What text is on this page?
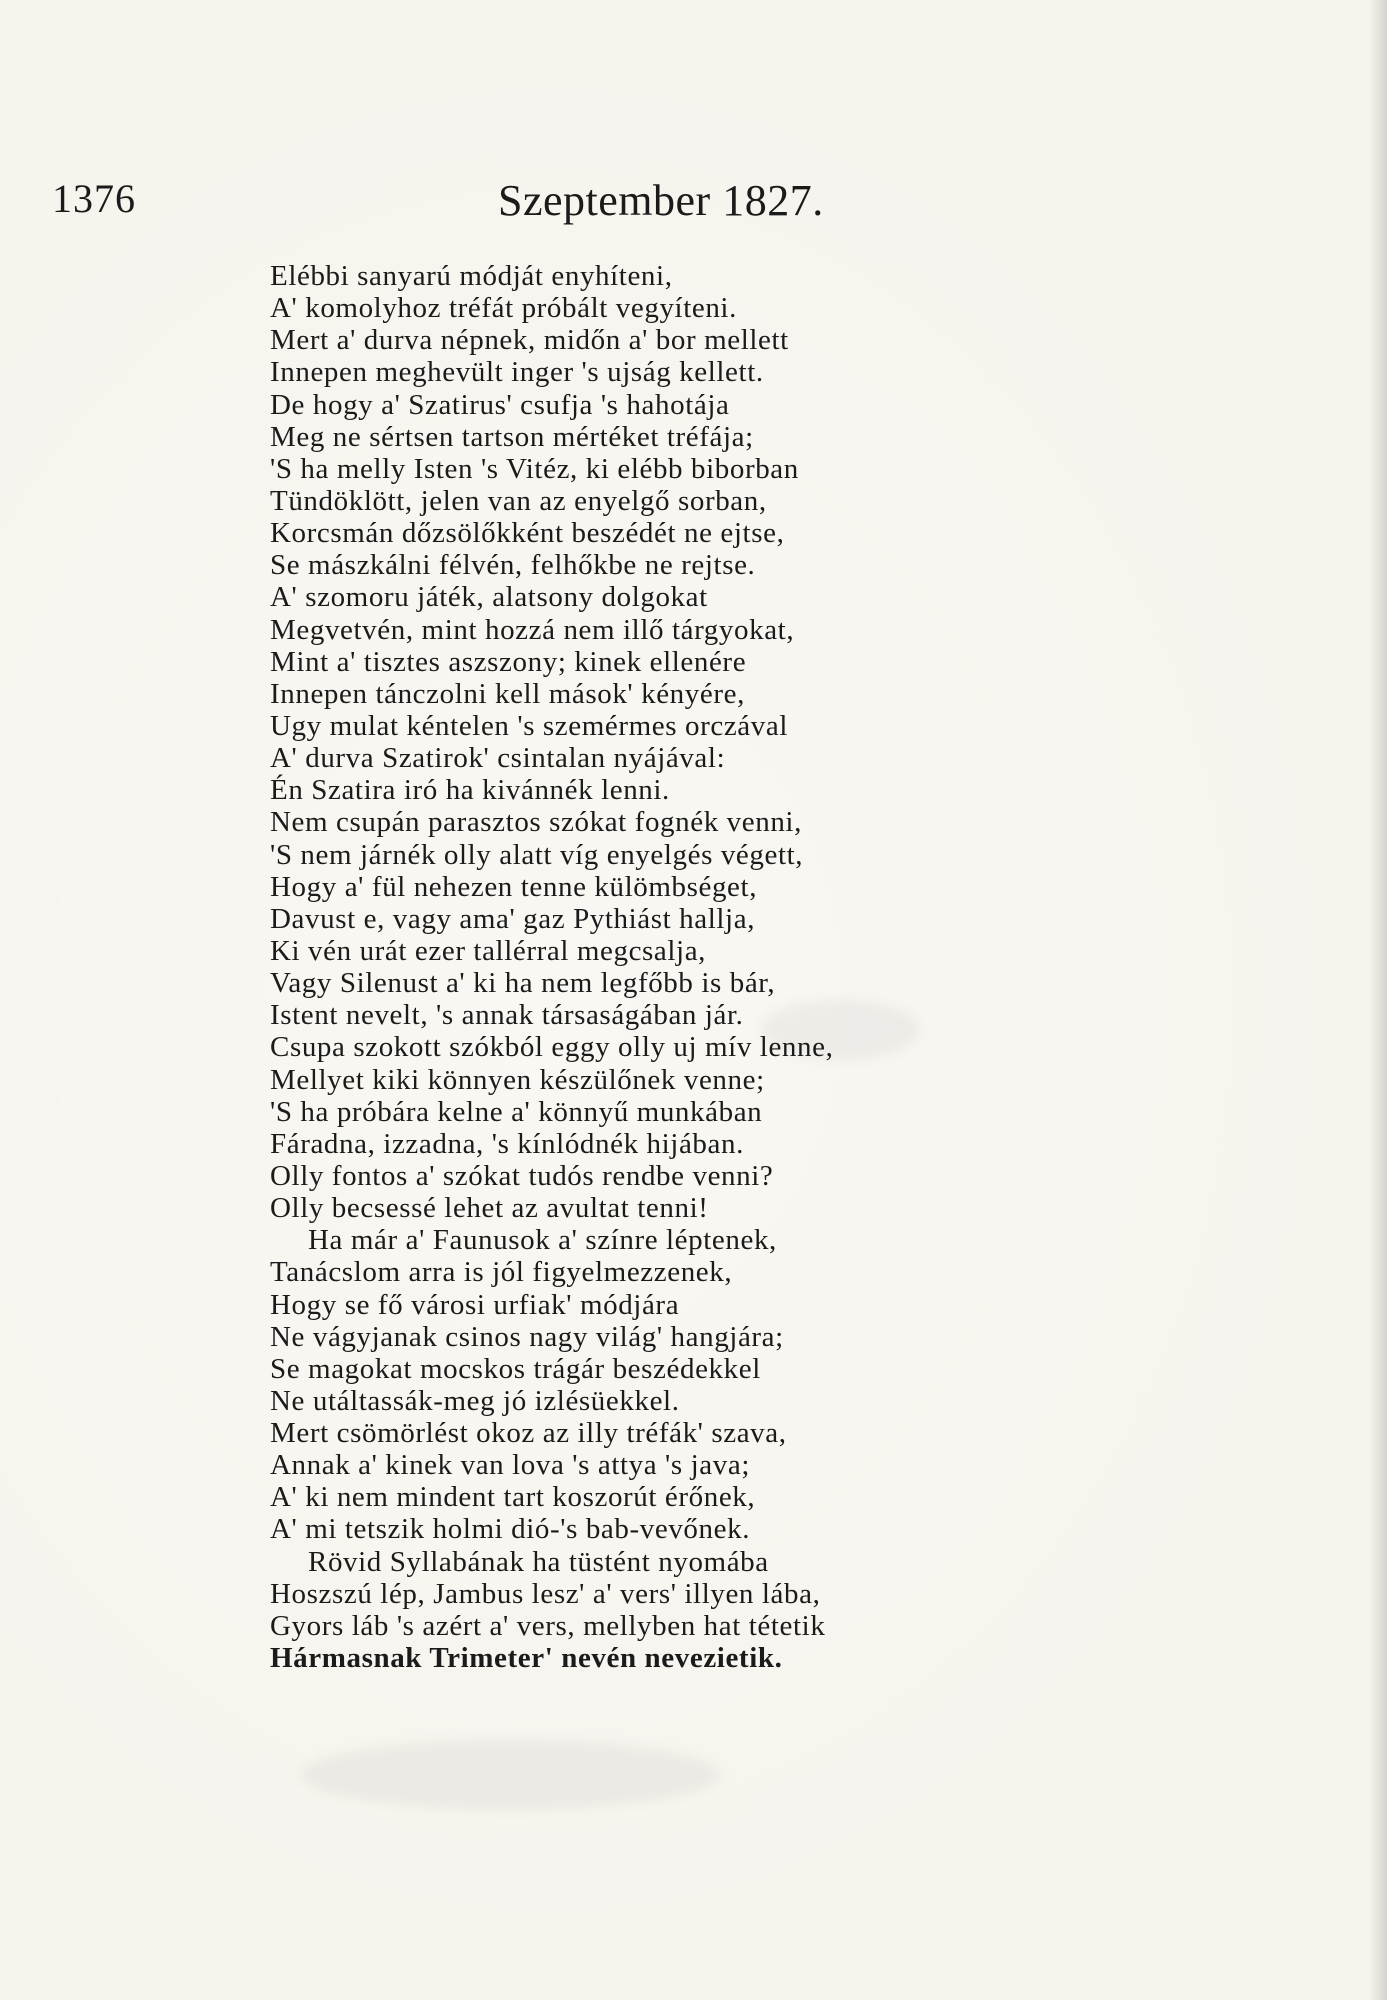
1376	Szeptember 1827.
Elébbi sanyarú módját enyhíteni,
A' komolyhoz tréfát próbált vegyíteni.
Mert a' durva népnek, midőn a' bor mellett
Innepen meghevült inger 's ujság kellett.
De hogy a' Szatirus' csufja 's hahotája
Meg ne sértsen tartson mértéket tréfája;
'S ha melly Isten 's Vitéz, ki elébb biborban
Tündöklött, jelen van az enyelgő sorban,
Korcsmán dőzsölőkként beszédét ne ejtse,
Se mászkálni félvén, felhőkbe ne rejtse.
A' szomoru játék, alatsony dolgokat
Megvetvén, mint hozzá nem illő tárgyokat,
Mint a' tisztes aszszony; kinek ellenére
Innepen tánczolni kell mások' kényére,
Ugy mulat kéntelen 's szemérmes orczával
A' durva Szatirok' csintalan nyájával:
Én Szatira iró ha kivánnék lenni.
Nem csupán parasztos szókat fognék venni,
'S nem járnék olly alatt víg enyelgés végett,
Hogy a' fül nehezen tenne külömbséget,
Davust e, vagy ama' gaz Pythiást hallja,
Ki vén urát ezer tallérral megcsalja,
Vagy Silenust a' ki ha nem legfőbb is bár,
Istent nevelt, 's annak társaságában jár.
Csupa szokott szókból eggy olly uj mív lenne,
Mellyet kiki könnyen készülőnek venne;
'S ha próbára kelne a' könnyű munkában
Fáradna, izzadna, 's kínlódnék hijában.
Olly fontos a' szókat tudós rendbe venni?
Olly becsessé lehet az avultat tenni!
Ha már a' Faunusok a' színre léptenek,
Tanácslom arra is jól figyelmezzenek,
Hogy se fő városi urfiak' módjára
Ne vágyjanak csinos nagy világ' hangjára;
Se magokat mocskos trágár beszédekkel
Ne utáltassák-meg jó izlésüekkel.
Mert csömörlést okoz az illy tréfák' szava,
Annak a' kinek van lova 's attya 's java;
A' ki nem mindent tart koszorút érőnek,
A' mi tetszik holmi dió-'s bab-vevőnek.
Rövid Syllabának ha tüstént nyomába
Hoszszú lép, Jambus lesz' a' vers' illyen lába,
Gyors láb 's azért a' vers, mellyben hat tétetik
Hármasnak Trimeter' nevén nevezietik.
